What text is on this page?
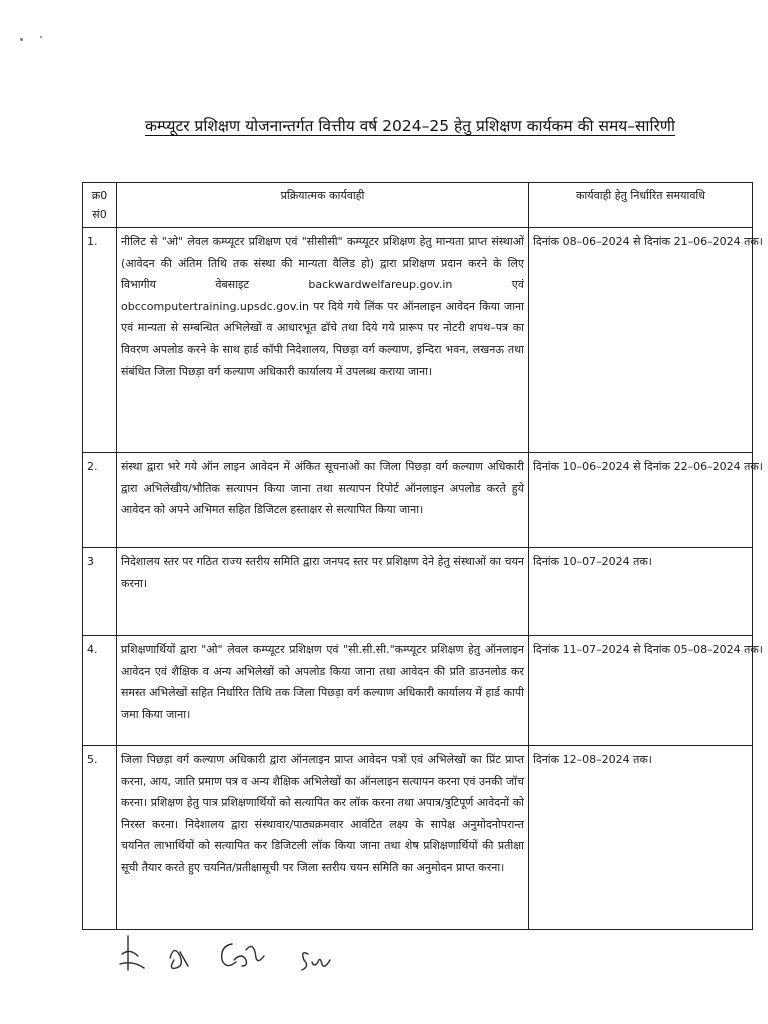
कम्प्यूटर प्रशिक्षण योजनान्तर्गत वित्तीय वर्ष 2024–25 हेतु प्रशिक्षण कार्यकम की समय–सारिणी
क्र0 सं0	प्रक्रियात्मक कार्यवाही	कार्यवाही हेतु निर्धारित समयावधि
1.	नीलिट से "ओ" लेवल कम्प्यूटर प्रशिक्षण एवं "सीसीसी" कम्प्यूटर प्रशिक्षण हेतु मान्यता प्राप्त संस्थाओं (आवेदन की अंतिम तिथि तक संस्था की मान्यता वैलिड हो) द्वारा प्रशिक्षण प्रदान करने के लिए विभागीय वेबसाइट backwardwelfareup.gov.in एवं obccomputertraining.upsdc.gov.in पर दिये गये लिंक पर ऑनलाइन आवेदन किया जाना एवं मान्यता से सम्बन्धित अभिलेखों व आधारभूत ढॉचे तथा दिये गये प्रारूप पर नोटरी शपथ–पत्र का विवरण अपलोड करने के साथ हार्ड कॉपी निदेशालय, पिछड़ा वर्ग कल्याण, इन्दिरा भवन, लखनऊ तथा संबंधित जिला पिछड़ा वर्ग कल्याण अधिकारी कार्यालय में उपलब्ध कराया जाना।	दिनांक 08–06–2024 से दिनांक 21–06–2024 तक।
2.	संस्था द्वारा भरे गये ऑन लाइन आवेदन में अंकित सूचनाओं का जिला पिछड़ा वर्ग कल्याण अधिकारी द्वारा अभिलेखीय/भौतिक सत्यापन किया जाना तथा सत्यापन रिपोर्ट ऑनलाइन अपलोड करते हुये आवेदन को अपने अभिमत सहित डिजिटल हस्ताक्षर से सत्यापित किया जाना।	दिनांक 10–06–2024 से दिनांक 22–06–2024 तक।
3	निदेशालय स्तर पर गठित राज्य स्तरीय समिति द्वारा जनपद स्तर पर प्रशिक्षण देने हेतु संस्थाओं का चयन करना।	दिनांक 10–07–2024 तक।
4.	प्रशिक्षणार्थियों द्वारा "ओ" लेवल कम्प्यूटर प्रशिक्षण एवं "सी.सी.सी."कम्प्यूटर प्रशिक्षण हेतु ऑनलाइन आवेदन एवं शैक्षिक व अन्य अभिलेखों को अपलोड किया जाना तथा आवेदन की प्रति डाउनलोड कर समस्त अभिलेखों सहित निर्धारित तिथि तक जिला पिछड़ा वर्ग कल्याण अधिकारी कार्यालय में हार्ड कापी जमा किया जाना।	दिनांक 11–07–2024 से दिनांक 05–08–2024 तक।
5.	जिला पिछड़ा वर्ग कल्याण अधिकारी द्वारा ऑनलाइन प्राप्त आवेदन पत्रों एवं अभिलेखों का प्रिंट प्राप्त करना, आय, जाति प्रमाण पत्र व अन्य शैक्षिक अभिलेखों का ऑनलाइन सत्यापन करना एवं उनकी जॉच करना। प्रशिक्षण हेतु पात्र प्रशिक्षणार्थियों को सत्यापित कर लॉक करना तथा अपात्र/त्रुटिपूर्ण आवेदनों को निरस्त करना। निदेशालय द्वारा संस्थावार/पाठ्यक्रमवार आवंटित लक्ष्य के सापेक्ष अनुमोदनोपरान्त चयनित लाभार्थियों को सत्यापित कर डिजिटली लॉक किया जाना तथा शेष प्रशिक्षणार्थियों की प्रतीक्षा सूची तैयार करते हुए चयनित/प्रतीक्षासूची पर जिला स्तरीय चयन समिति का अनुमोदन प्राप्त करना।	दिनांक 12–08–2024 तक।
